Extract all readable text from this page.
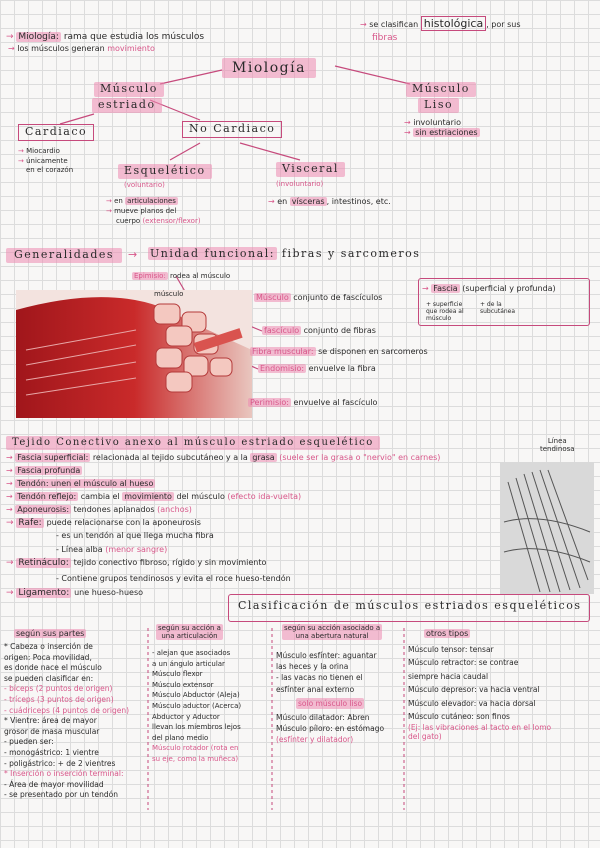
→ Miología: rama que estudia los músculos
→ los músculos generan movimiento
→ se clasifican histológica , por sus
fibras
Miología
Músculo
estriado
Músculo
Liso
→ involuntario
→ sin estriaciones
Cardiaco
→ Miocardio
→ únicamente
en el corazón
No Cardiaco
Esquelético
(voluntario)
→ en articulaciones
→ mueve planos del
cuerpo (extensor/flexor)
Visceral
(involuntario)
→ en vísceras , intestinos, etc.
Generalidades	→ Unidad funcional: fibras y sarcomeros
Epimisio: rodea al músculo
músculo	Músculo conjunto de fascículos
fascículo conjunto de fibras
Fibra muscular: se disponen en sarcomeros
Endomisio: envuelve la fibra
Perimisio: envuelve al fascículo
→ Fascia (superficial y profunda)
+ superficie
que rodea al
músculo
+ de la
subcutánea
Tejido Conectivo anexo al músculo estriado esquelético
→ Fascia superficial: relacionada al tejido subcutáneo y a la grasa (suele ser la grasa o "nervio" en carnes)
→ Fascia profunda
→ Tendón: unen el músculo al hueso
→ Tendón reflejo: cambia el movimiento del músculo (efecto ida-vuelta)
→ Aponeurosis: tendones aplanados (anchos)
→ Rafe: puede relacionarse con la aponeurosis
- es un tendón al que llega mucha fibra
- Línea alba (menor sangre)
→ Retináculo: tejido conectivo fibroso, rígido y sin movimiento
- Contiene grupos tendinosos y evita el roce hueso-tendón
→ Ligamento: une hueso-hueso
Línea
tendinosa
Clasificación de músculos estriados esqueléticos
según sus partes
* Cabeza o inserción de
origen: Poca movilidad,
es donde nace el músculo
se pueden clasificar en:
- bíceps (2 puntos de origen)
- tríceps (3 puntos de origen)
- cuádriceps (4 puntos de origen)
* Vientre: área de mayor
grosor de masa muscular
- pueden ser:
- monogástrico: 1 vientre
- poligástrico: + de 2 vientres
* Inserción o inserción terminal:
- Área de mayor movilidad
- se presentado por un tendón
según su acción a
una articulación
- alejan que asociados
a un ángulo articular
Músculo flexor
Músculo extensor
Músculo Abductor (Aleja)
Músculo aductor (Acerca)
Abductor y Aductor
llevan los miembros lejos
del plano medio
Músculo rotador (rota en
su eje, como la muñeca)
según su acción asociado a
una abertura natural
Músculo esfínter: aguantar
las heces y la orina
- las vacas no tienen el
esfínter anal externo
solo músculo liso
Músculo dilatador: Abren
Músculo píloro: en estómago
(esfínter y dilatador)
otros tipos
Músculo tensor: tensar
Músculo retractor: se contrae
siempre hacia caudal
Músculo depresor: va hacia ventral
Músculo elevador: va hacia dorsal
Músculo cutáneo: son finos
(Ej: las vibraciones al tacto en el lomo
del gato)
